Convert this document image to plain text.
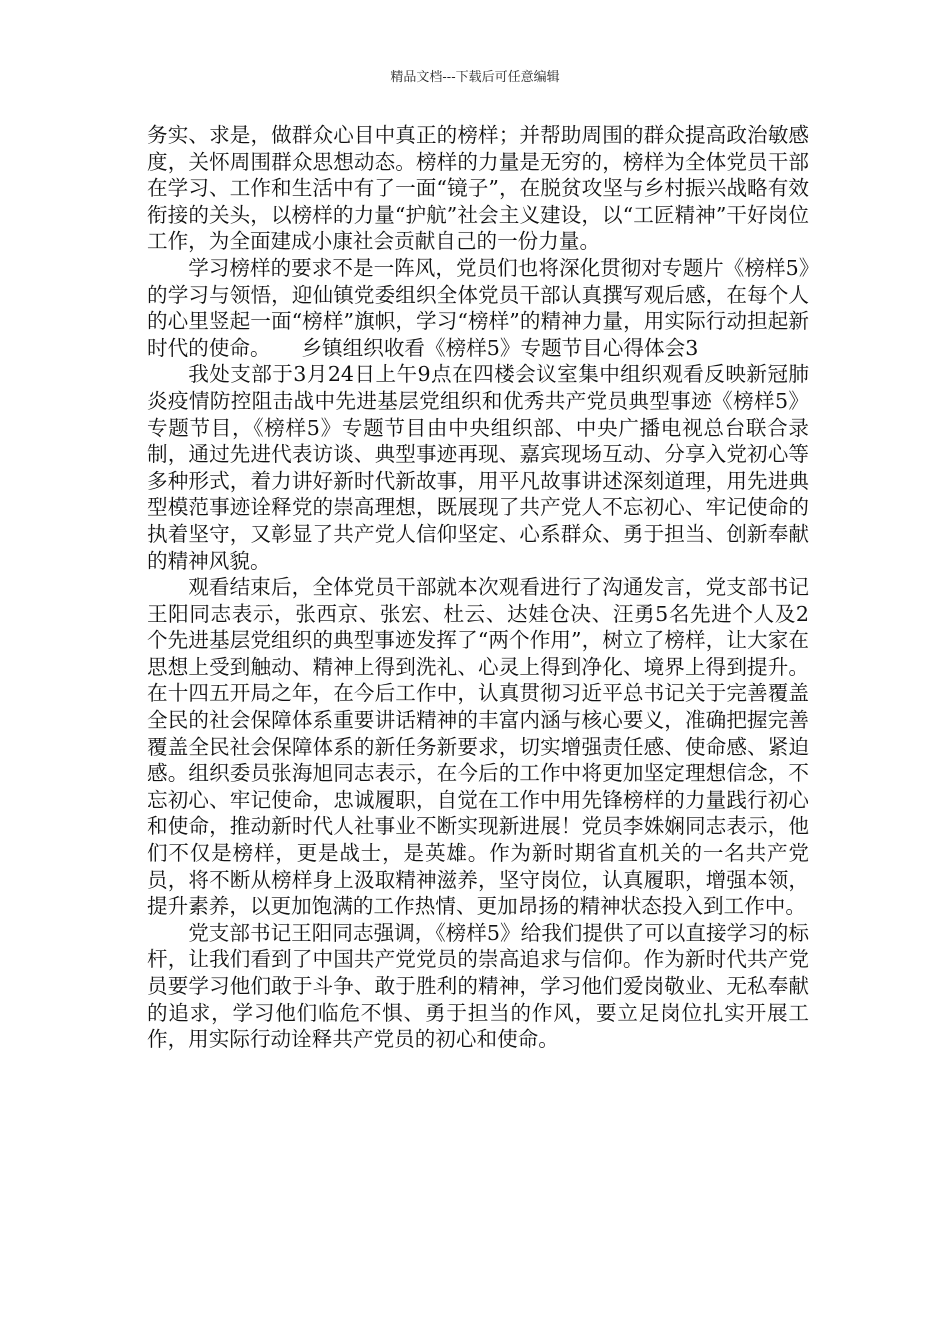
精品文档---下载后可任意编辑

务实、求是，做群众心目中真正的榜样；并帮助周围的群众提高政治敏感度，关怀周围群众思想动态。榜样的力量是无穷的，榜样为全体党员干部在学习、工作和生活中有了一面“镜子”，在脱贫攻坚与乡村振兴战略有效衔接的关头，以榜样的力量“护航”社会主义建设，以“工匠精神”干好岗位工作，为全面建成小康社会贡献自己的一份力量。

学习榜样的要求不是一阵风，党员们也将深化贯彻对专题片《榜样5》的学习与领悟，迎仙镇党委组织全体党员干部认真撰写观后感，在每个人的心里竖起一面“榜样”旗帜，学习“榜样”的精神力量，用实际行动担起新时代的使命。　　乡镇组织收看《榜样5》专题节目心得体会3

我处支部于3月24日上午9点在四楼会议室集中组织观看反映新冠肺炎疫情防控阻击战中先进基层党组织和优秀共产党员典型事迹《榜样5》专题节目，《榜样5》专题节目由中央组织部、中央广播电视总台联合录制，通过先进代表访谈、典型事迹再现、嘉宾现场互动、分享入党初心等多种形式，着力讲好新时代新故事，用平凡故事讲述深刻道理，用先进典型模范事迹诠释党的崇高理想，既展现了共产党人不忘初心、牢记使命的执着坚守，又彰显了共产党人信仰坚定、心系群众、勇于担当、创新奉献的精神风貌。

观看结束后，全体党员干部就本次观看进行了沟通发言，党支部书记王阳同志表示，张西京、张宏、杜云、达娃仓决、汪勇5名先进个人及2个先进基层党组织的典型事迹发挥了“两个作用”，树立了榜样，让大家在思想上受到触动、精神上得到洗礼、心灵上得到净化、境界上得到提升。在十四五开局之年，在今后工作中，认真贯彻习近平总书记关于完善覆盖全民的社会保障体系重要讲话精神的丰富内涵与核心要义，准确把握完善覆盖全民社会保障体系的新任务新要求，切实增强责任感、使命感、紧迫感。组织委员张海旭同志表示，在今后的工作中将更加坚定理想信念，不忘初心、牢记使命，忠诚履职，自觉在工作中用先锋榜样的力量践行初心和使命，推动新时代人社事业不断实现新进展！党员李姝娴同志表示，他们不仅是榜样，更是战士，是英雄。作为新时期省直机关的一名共产党员，将不断从榜样身上汲取精神滋养，坚守岗位，认真履职，增强本领，提升素养，以更加饱满的工作热情、更加昂扬的精神状态投入到工作中。

党支部书记王阳同志强调，《榜样5》给我们提供了可以直接学习的标杆，让我们看到了中国共产党党员的崇高追求与信仰。作为新时代共产党员要学习他们敢于斗争、敢于胜利的精神，学习他们爱岗敬业、无私奉献的追求，学习他们临危不惧、勇于担当的作风，要立足岗位扎实开展工作，用实际行动诠释共产党员的初心和使命。
